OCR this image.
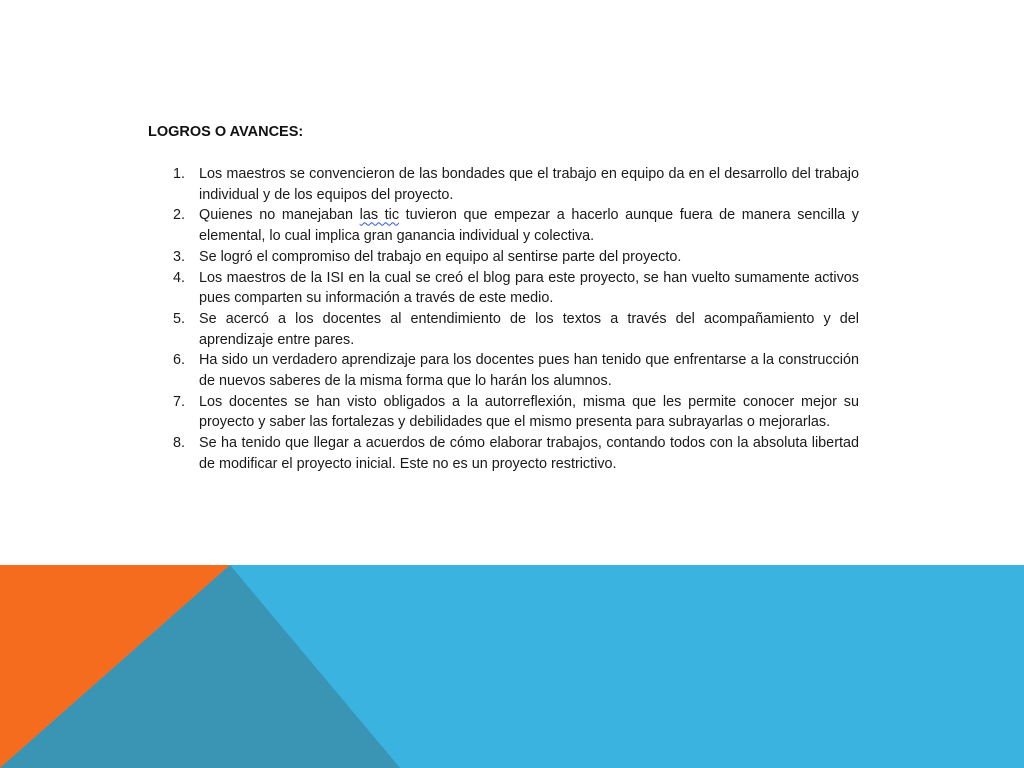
LOGROS O AVANCES:

1. Los maestros se convencieron de las bondades que el trabajo en equipo da en el desarrollo del trabajo individual y de los equipos del proyecto.
2. Quienes no manejaban las tic tuvieron que empezar a hacerlo aunque fuera de manera sencilla y elemental, lo cual implica gran ganancia individual y colectiva.
3. Se logró el compromiso del trabajo en equipo al sentirse parte del proyecto.
4. Los maestros de la ISI en la cual se creó el blog para este proyecto, se han vuelto sumamente activos pues comparten su información a través de este medio.
5. Se acercó a los docentes al entendimiento de los textos a través del acompañamiento y del aprendizaje entre pares.
6. Ha sido un verdadero aprendizaje para los docentes pues han tenido que enfrentarse a la construcción de nuevos saberes de la misma forma que lo harán los alumnos.
7. Los docentes se han visto obligados a la autorreflexión, misma que les permite conocer mejor su proyecto y saber las fortalezas y debilidades que el mismo presenta para subrayarlas o mejorarlas.
8. Se ha tenido que llegar a acuerdos de cómo elaborar trabajos, contando todos con la absoluta libertad de modificar el proyecto inicial. Este no es un proyecto restrictivo.
